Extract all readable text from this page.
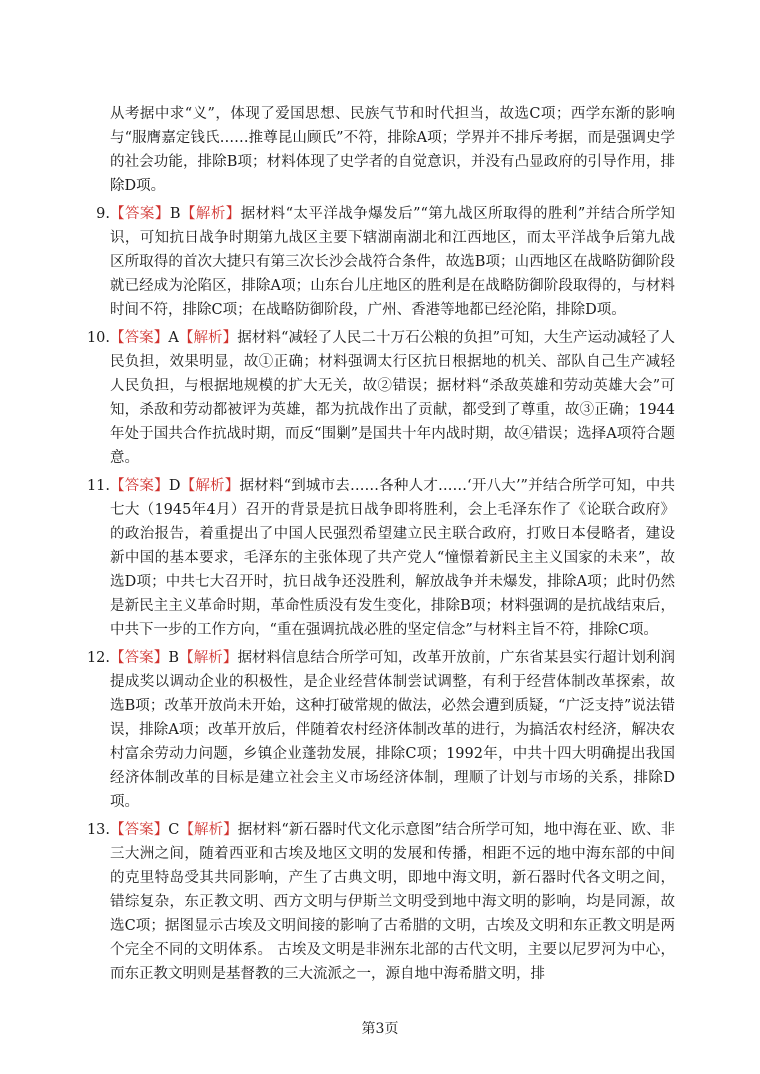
从考据中求“义”，体现了爱国思想、民族气节和时代担当，故选C项；西学东渐的影响与“服膺嘉定钱氏……推尊昆山顾氏”不符，排除A项；学界并不排斥考据，而是强调史学的社会功能，排除B项；材料体现了史学者的自觉意识，并没有凸显政府的引导作用，排除D项。

9. 【答案】B【解析】据材料“太平洋战争爆发后”“第九战区所取得的胜利”并结合所学知识，可知抗日战争时期第九战区主要下辖湖南湖北和江西地区，而太平洋战争后第九战区所取得的首次大捷只有第三次长沙会战符合条件，故选B项；山西地区在战略防御阶段就已经成为沦陷区，排除A项；山东台儿庄地区的胜利是在战略防御阶段取得的，与材料时间不符，排除C项；在战略防御阶段，广州、香港等地都已经沦陷，排除D项。
10. 【答案】A【解析】据材料“减轻了人民二十万石公粮的负担”可知，大生产运动减轻了人民负担，效果明显，故①正确；材料强调太行区抗日根据地的机关、部队自己生产减轻人民负担，与根据地规模的扩大无关，故②错误；据材料“杀敌英雄和劳动英雄大会”可知，杀敌和劳动都被评为英雄，都为抗战作出了贡献，都受到了尊重，故③正确；1944年处于国共合作抗战时期，而反“围剿”是国共十年内战时期，故④错误；选择A项符合题意。
11. 【答案】D【解析】据材料“到城市去……各种人才……‘开八大’”并结合所学可知，中共七大（1945年4月）召开的背景是抗日战争即将胜利，会上毛泽东作了《论联合政府》的政治报告，着重提出了中国人民强烈希望建立民主联合政府，打败日本侵略者，建设新中国的基本要求，毛泽东的主张体现了共产党人“憧憬着新民主主义国家的未来”，故选D项；中共七大召开时，抗日战争还没胜利，解放战争并未爆发，排除A项；此时仍然是新民主主义革命时期，革命性质没有发生变化，排除B项；材料强调的是抗战结束后，中共下一步的工作方向，“重在强调抗战必胜的坚定信念”与材料主旨不符，排除C项。
12. 【答案】B【解析】据材料信息结合所学可知，改革开放前，广东省某县实行超计划利润提成奖以调动企业的积极性，是企业经营体制尝试调整，有利于经营体制改革探索，故选B项；改革开放尚未开始，这种打破常规的做法，必然会遭到质疑，“广泛支持”说法错误，排除A项；改革开放后，伴随着农村经济体制改革的进行，为搞活农村经济，解决农村富余劳动力问题，乡镇企业蓬勃发展，排除C项；1992年，中共十四大明确提出我国经济体制改革的目标是建立社会主义市场经济体制，理顺了计划与市场的关系，排除D项。
13. 【答案】C【解析】据材料“新石器时代文化示意图”结合所学可知，地中海在亚、欧、非三大洲之间，随着西亚和古埃及地区文明的发展和传播，相距不远的地中海东部的中间的克里特岛受其共同影响，产生了古典文明，即地中海文明，新石器时代各文明之间，错综复杂，东正教文明、西方文明与伊斯兰文明受到地中海文明的影响，均是同源，故选C项；据图显示古埃及文明间接的影响了古希腊的文明，古埃及文明和东正教文明是两个完全不同的文明体系。 古埃及文明是非洲东北部的古代文明，主要以尼罗河为中心，而东正教文明则是基督教的三大流派之一，源自地中海希腊文明，排
第3页
